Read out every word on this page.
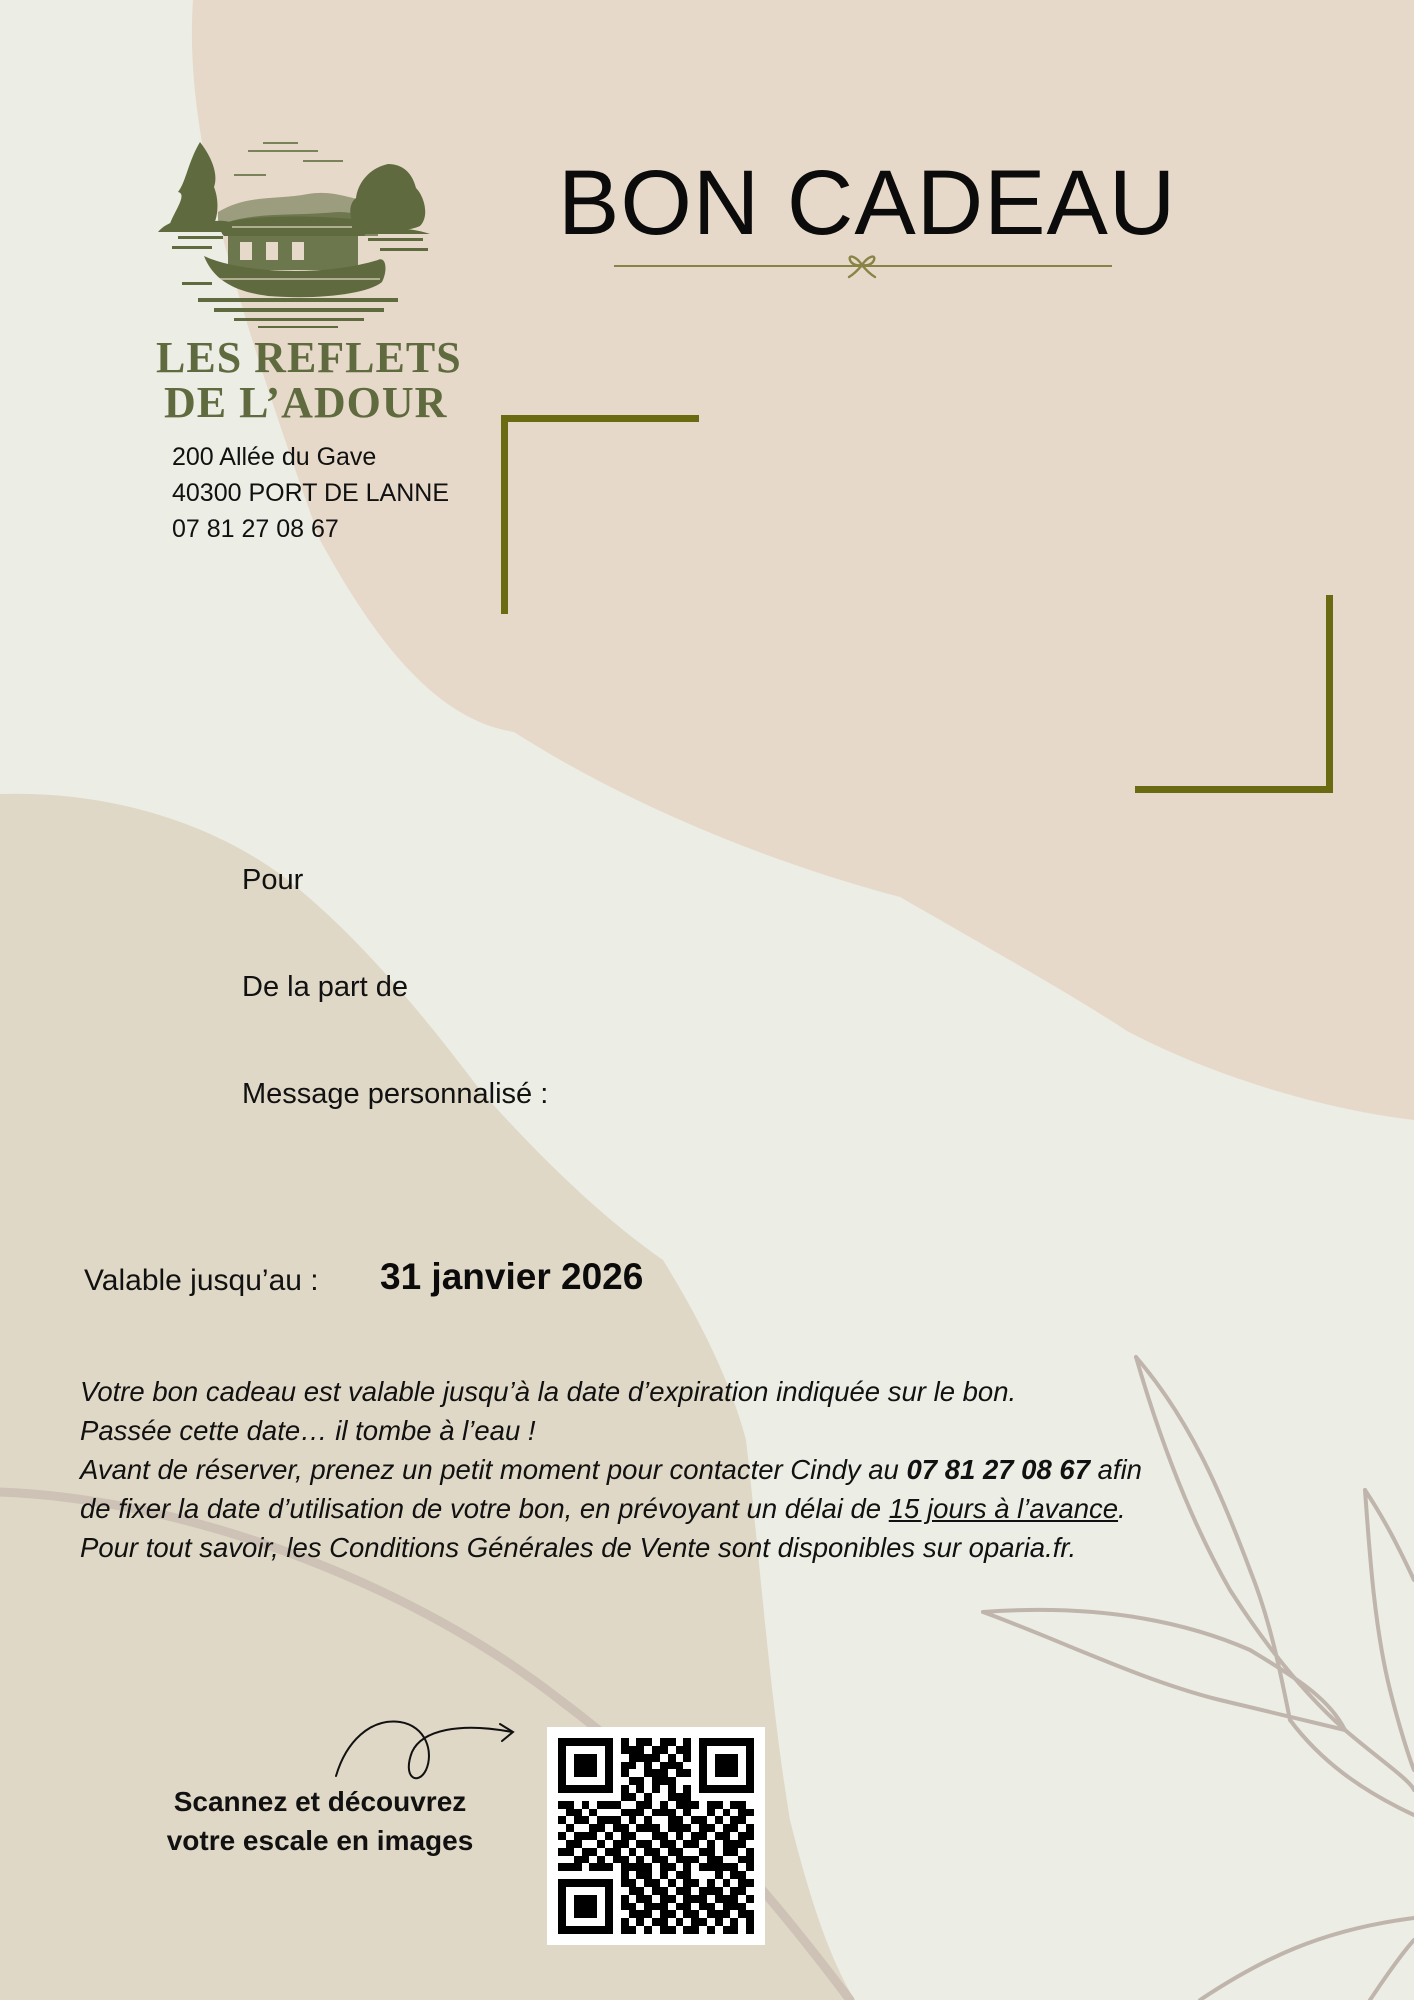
LES REFLETS
DE L’ADOUR
200 Allée du Gave
40300 PORT DE LANNE
07 81 27 08 67
BON CADEAU
Pour
De la part de
Message personnalisé :
Valable jusqu’au : 31 janvier 2026
Votre bon cadeau est valable jusqu’à la date d’expiration indiquée sur le bon.
Passée cette date… il tombe à l’eau !
Avant de réserver, prenez un petit moment pour contacter Cindy au 07 81 27 08 67 afin
de fixer la date d’utilisation de votre bon, en prévoyant un délai de 15 jours à l’avance.
Pour tout savoir, les Conditions Générales de Vente sont disponibles sur oparia.fr.
Scannez et découvrez
votre escale en images
